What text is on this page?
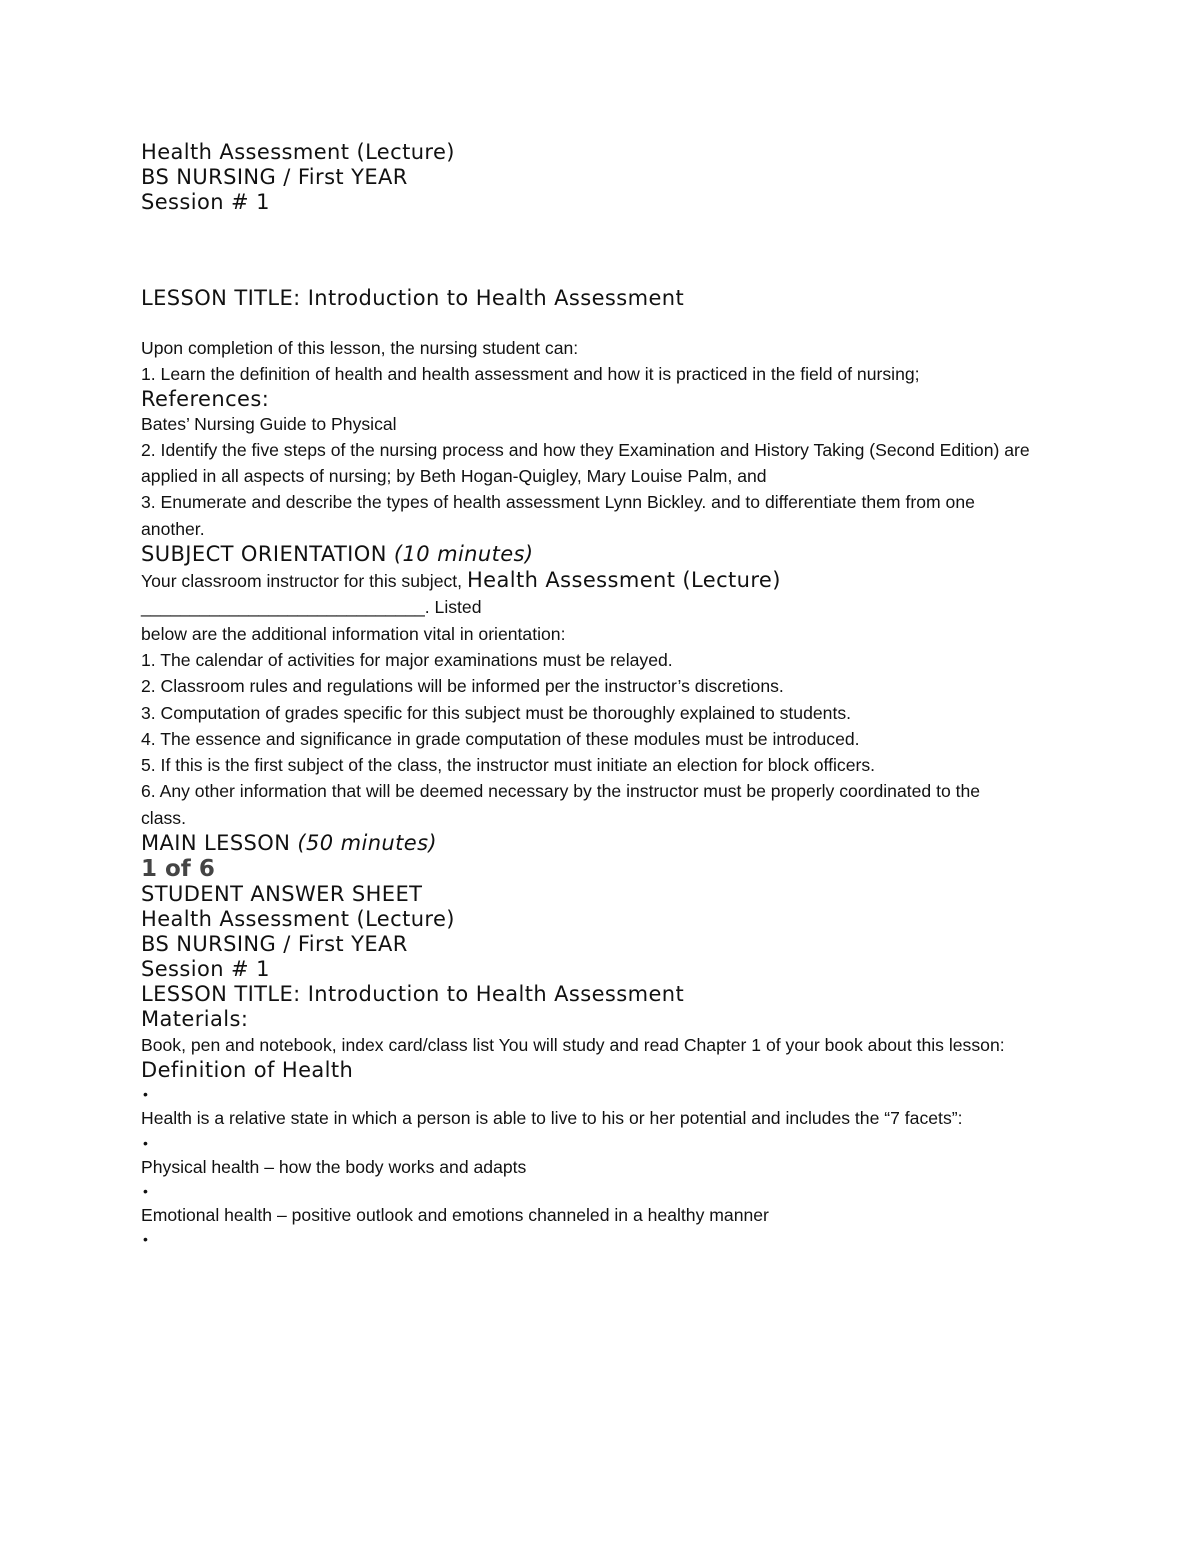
Health Assessment (Lecture)

BS NURSING / First YEAR

Session # 1

LESSON TITLE: Introduction to Health Assessment

Upon completion of this lesson, the nursing student can:

1. Learn the definition of health and health assessment and how it is practiced in the field of nursing;

References:

Bates’ Nursing Guide to Physical

2. Identify the five steps of the nursing process and how they Examination and History Taking (Second Edition) are

applied in all aspects of nursing; by Beth Hogan-Quigley, Mary Louise Palm, and

3. Enumerate and describe the types of health assessment Lynn Bickley. and to differentiate them from one

another.

SUBJECT ORIENTATION (10 minutes)

Your classroom instructor for this subject, Health Assessment (Lecture)

_____________________________. Listed

below are the additional information vital in orientation:

1. The calendar of activities for major examinations must be relayed.

2. Classroom rules and regulations will be informed per the instructor’s discretions.

3. Computation of grades specific for this subject must be thoroughly explained to students.

4. The essence and significance in grade computation of these modules must be introduced.

5. If this is the first subject of the class, the instructor must initiate an election for block officers.

6. Any other information that will be deemed necessary by the instructor must be properly coordinated to the

class.

MAIN LESSON (50 minutes)

1 of 6

STUDENT ANSWER SHEET

Health Assessment (Lecture)

BS NURSING / First YEAR

Session # 1

LESSON TITLE: Introduction to Health Assessment

Materials:

Book, pen and notebook, index card/class list You will study and read Chapter 1 of your book about this lesson:

Definition of Health

•

Health is a relative state in which a person is able to live to his or her potential and includes the “7 facets”:

•

Physical health – how the body works and adapts

•

Emotional health – positive outlook and emotions channeled in a healthy manner

•
